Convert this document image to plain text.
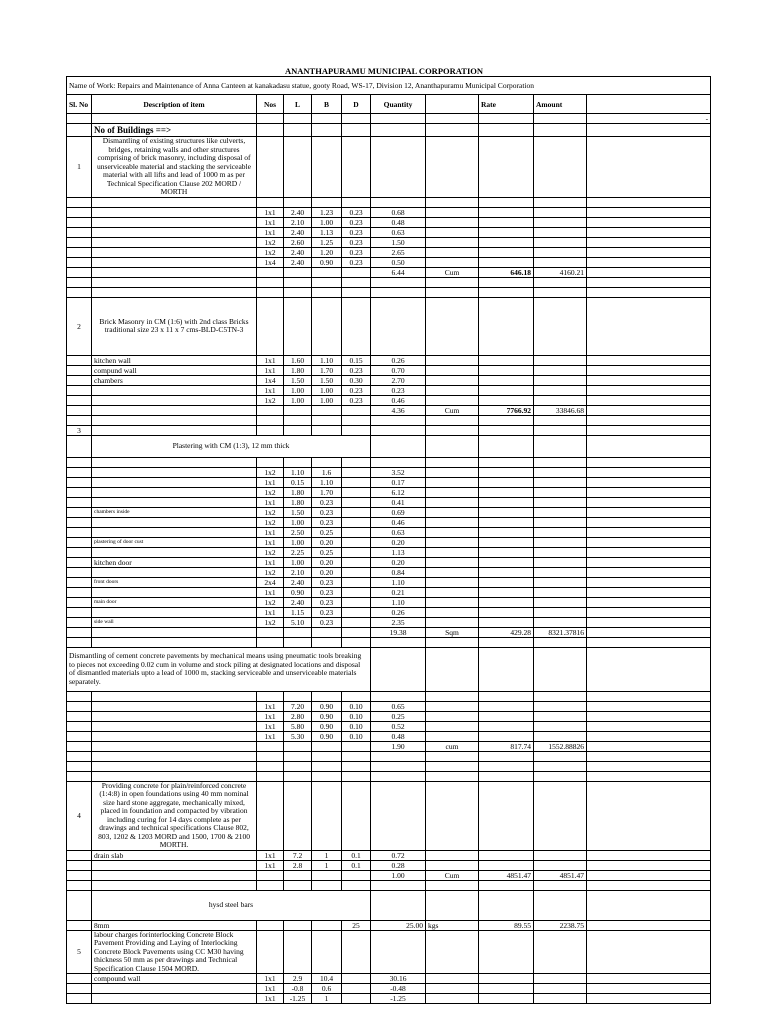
ANANTHAPURAMU MUNICIPAL CORPORATION
Name of Work: Repairs and Maintenance of Anna Canteen at kanakadasu statue, gooty Road, WS-17, Division 12, Ananthapuramu Municipal Corporation										
Sl. No	Description of item	Nos	L	B	D	Quantity		Rate	Amount	
										-
	No of Buildings ==>									
1	Dismantling of existing structures like culverts, bridges, retaining walls and other structures comprising of brick masonry, including disposal of unserviceable material and stacking the serviceable material with all lifts and lead of 1000 m as per Technical Specification Clause 202 MORD / MORTH									

		1x1	2.40	1.23	0.23	0.68				
		1x1	2.10	1.00	0.23	0.48				
		1x1	2.40	1.13	0.23	0.63				
		1x2	2.60	1.25	0.23	1.50				
		1x2	2.40	1.20	0.23	2.65				
		1x4	2.40	0.90	0.23	0.50				
						6.44	Cum	646.18	4160.21	

2	Brick Masonry in CM (1:6) with 2nd class Bricks traditional size 23 x 11 x 7 cms-BLD-C5TN-3									
	kitchen wall	1x1	1.60	1.10	0.15	0.26				
	compund wall	1x1	1.80	1.70	0.23	0.70				
	chambers	1x4	1.50	1.50	0.30	2.70				
		1x1	1.00	1.00	0.23	0.23				
		1x2	1.00	1.00	0.23	0.46				
						4.36	Cum	7766.92	33846.68	

3										
	Plastering with CM (1:3), 12 mm thick									

		1x2	1.10	1.6		3.52				
		1x1	0.15	1.10		0.17				
		1x2	1.80	1.70		6.12				
		1x1	1.80	0.23		0.41				
	chambers inside	1x2	1.50	0.23		0.69				
		1x2	1.00	0.23		0.46				
		1x1	2.50	0.25		0.63				
	plastering of door cust	1x1	1.00	0.20		0.20				
		1x2	2.25	0.25		1.13				
	kitchen door	1x1	1.00	0.20		0.20				
		1x2	2.10	0.20		0.84				
	front doors	2x4	2.40	0.23		1.10				
		1x1	0.90	0.23		0.21				
	main door	1x2	2.40	0.23		1.10				
		1x1	1.15	0.23		0.26				
	side wall	1x2	5.10	0.23		2.35				
						19.38	Sqm	429.28	8321.37816	

Dismantling of cement concrete pavements by mechanical means using pneumatic tools breaking to pieces not exceeding 0.02 cum in volume and stock piling at designated locations and disposal of dismantled materials upto a lead of 1000 m, stacking serviceable and unserviceable materials separately.										

		1x1	7.20	0.90	0.10	0.65				
		1x1	2.80	0.90	0.10	0.25				
		1x1	5.80	0.90	0.10	0.52				
		1x1	5.30	0.90	0.10	0.48				
						1.90	cum	817.74	1552.88826	

4	Providing concrete for plain/reinforced concrete (1:4:8) in open foundations using 40 mm nominal size hard stone aggregate, mechanically mixed, placed in foundation and compacted by vibration including curing for 14 days complete as per drawings and technical specifications Clause 802, 803, 1202 & 1203 MORD and 1500, 1700 & 2100 MORTH.									
	drain slab	1x1	7.2	1	0.1	0.72				
		1x1	2.8	1	0.1	0.28				
						1.00	Cum	4851.47	4851.47	

	hysd steel bars									
	8mm				25	25.00	kgs	89.55	2238.75	
5	labour charges forinterlocking Concrete Block Pavement Providing and Laying of Interlocking Concrete Block Pavements using CC M30 having thickness 50 mm as per drawings and Technical Specification Clause 1504 MORD.									
	compound wall	1x1	2.9	10.4		30.16				
		1x1	-0.8	0.6		-0.48				
		1x1	-1.25	1		-1.25				
